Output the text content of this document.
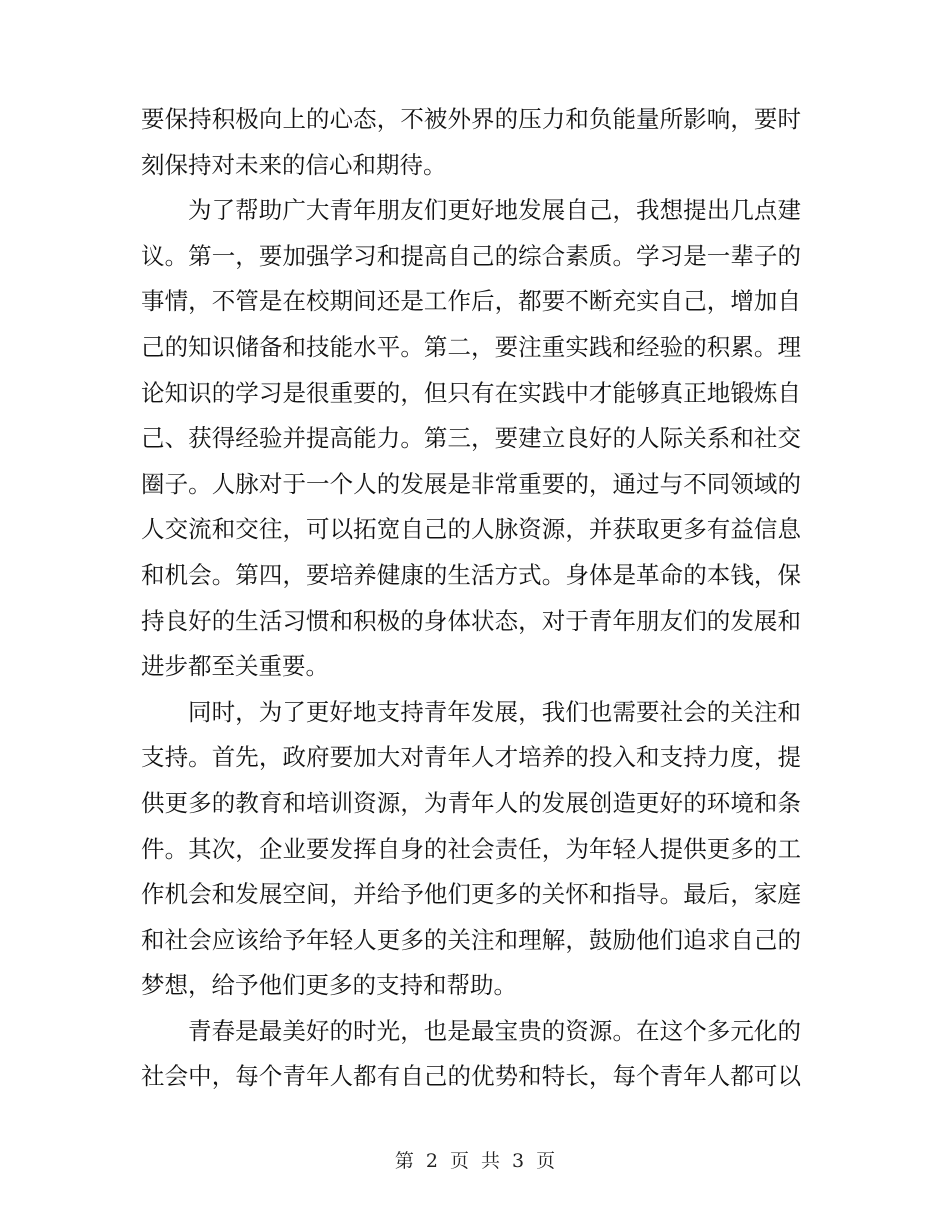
要保持积极向上的心态，不被外界的压力和负能量所影响，要时
刻保持对未来的信心和期待。
为了帮助广大青年朋友们更好地发展自己，我想提出几点建
议。第一，要加强学习和提高自己的综合素质。学习是一辈子的
事情，不管是在校期间还是工作后，都要不断充实自己，增加自
己的知识储备和技能水平。第二，要注重实践和经验的积累。理
论知识的学习是很重要的，但只有在实践中才能够真正地锻炼自
己、获得经验并提高能力。第三，要建立良好的人际关系和社交
圈子。人脉对于一个人的发展是非常重要的，通过与不同领域的
人交流和交往，可以拓宽自己的人脉资源，并获取更多有益信息
和机会。第四，要培养健康的生活方式。身体是革命的本钱，保
持良好的生活习惯和积极的身体状态，对于青年朋友们的发展和
进步都至关重要。
同时，为了更好地支持青年发展，我们也需要社会的关注和
支持。首先，政府要加大对青年人才培养的投入和支持力度，提
供更多的教育和培训资源，为青年人的发展创造更好的环境和条
件。其次，企业要发挥自身的社会责任，为年轻人提供更多的工
作机会和发展空间，并给予他们更多的关怀和指导。最后，家庭
和社会应该给予年轻人更多的关注和理解，鼓励他们追求自己的
梦想，给予他们更多的支持和帮助。
青春是最美好的时光，也是最宝贵的资源。在这个多元化的
社会中，每个青年人都有自己的优势和特长，每个青年人都可以
第 2 页 共 3 页
